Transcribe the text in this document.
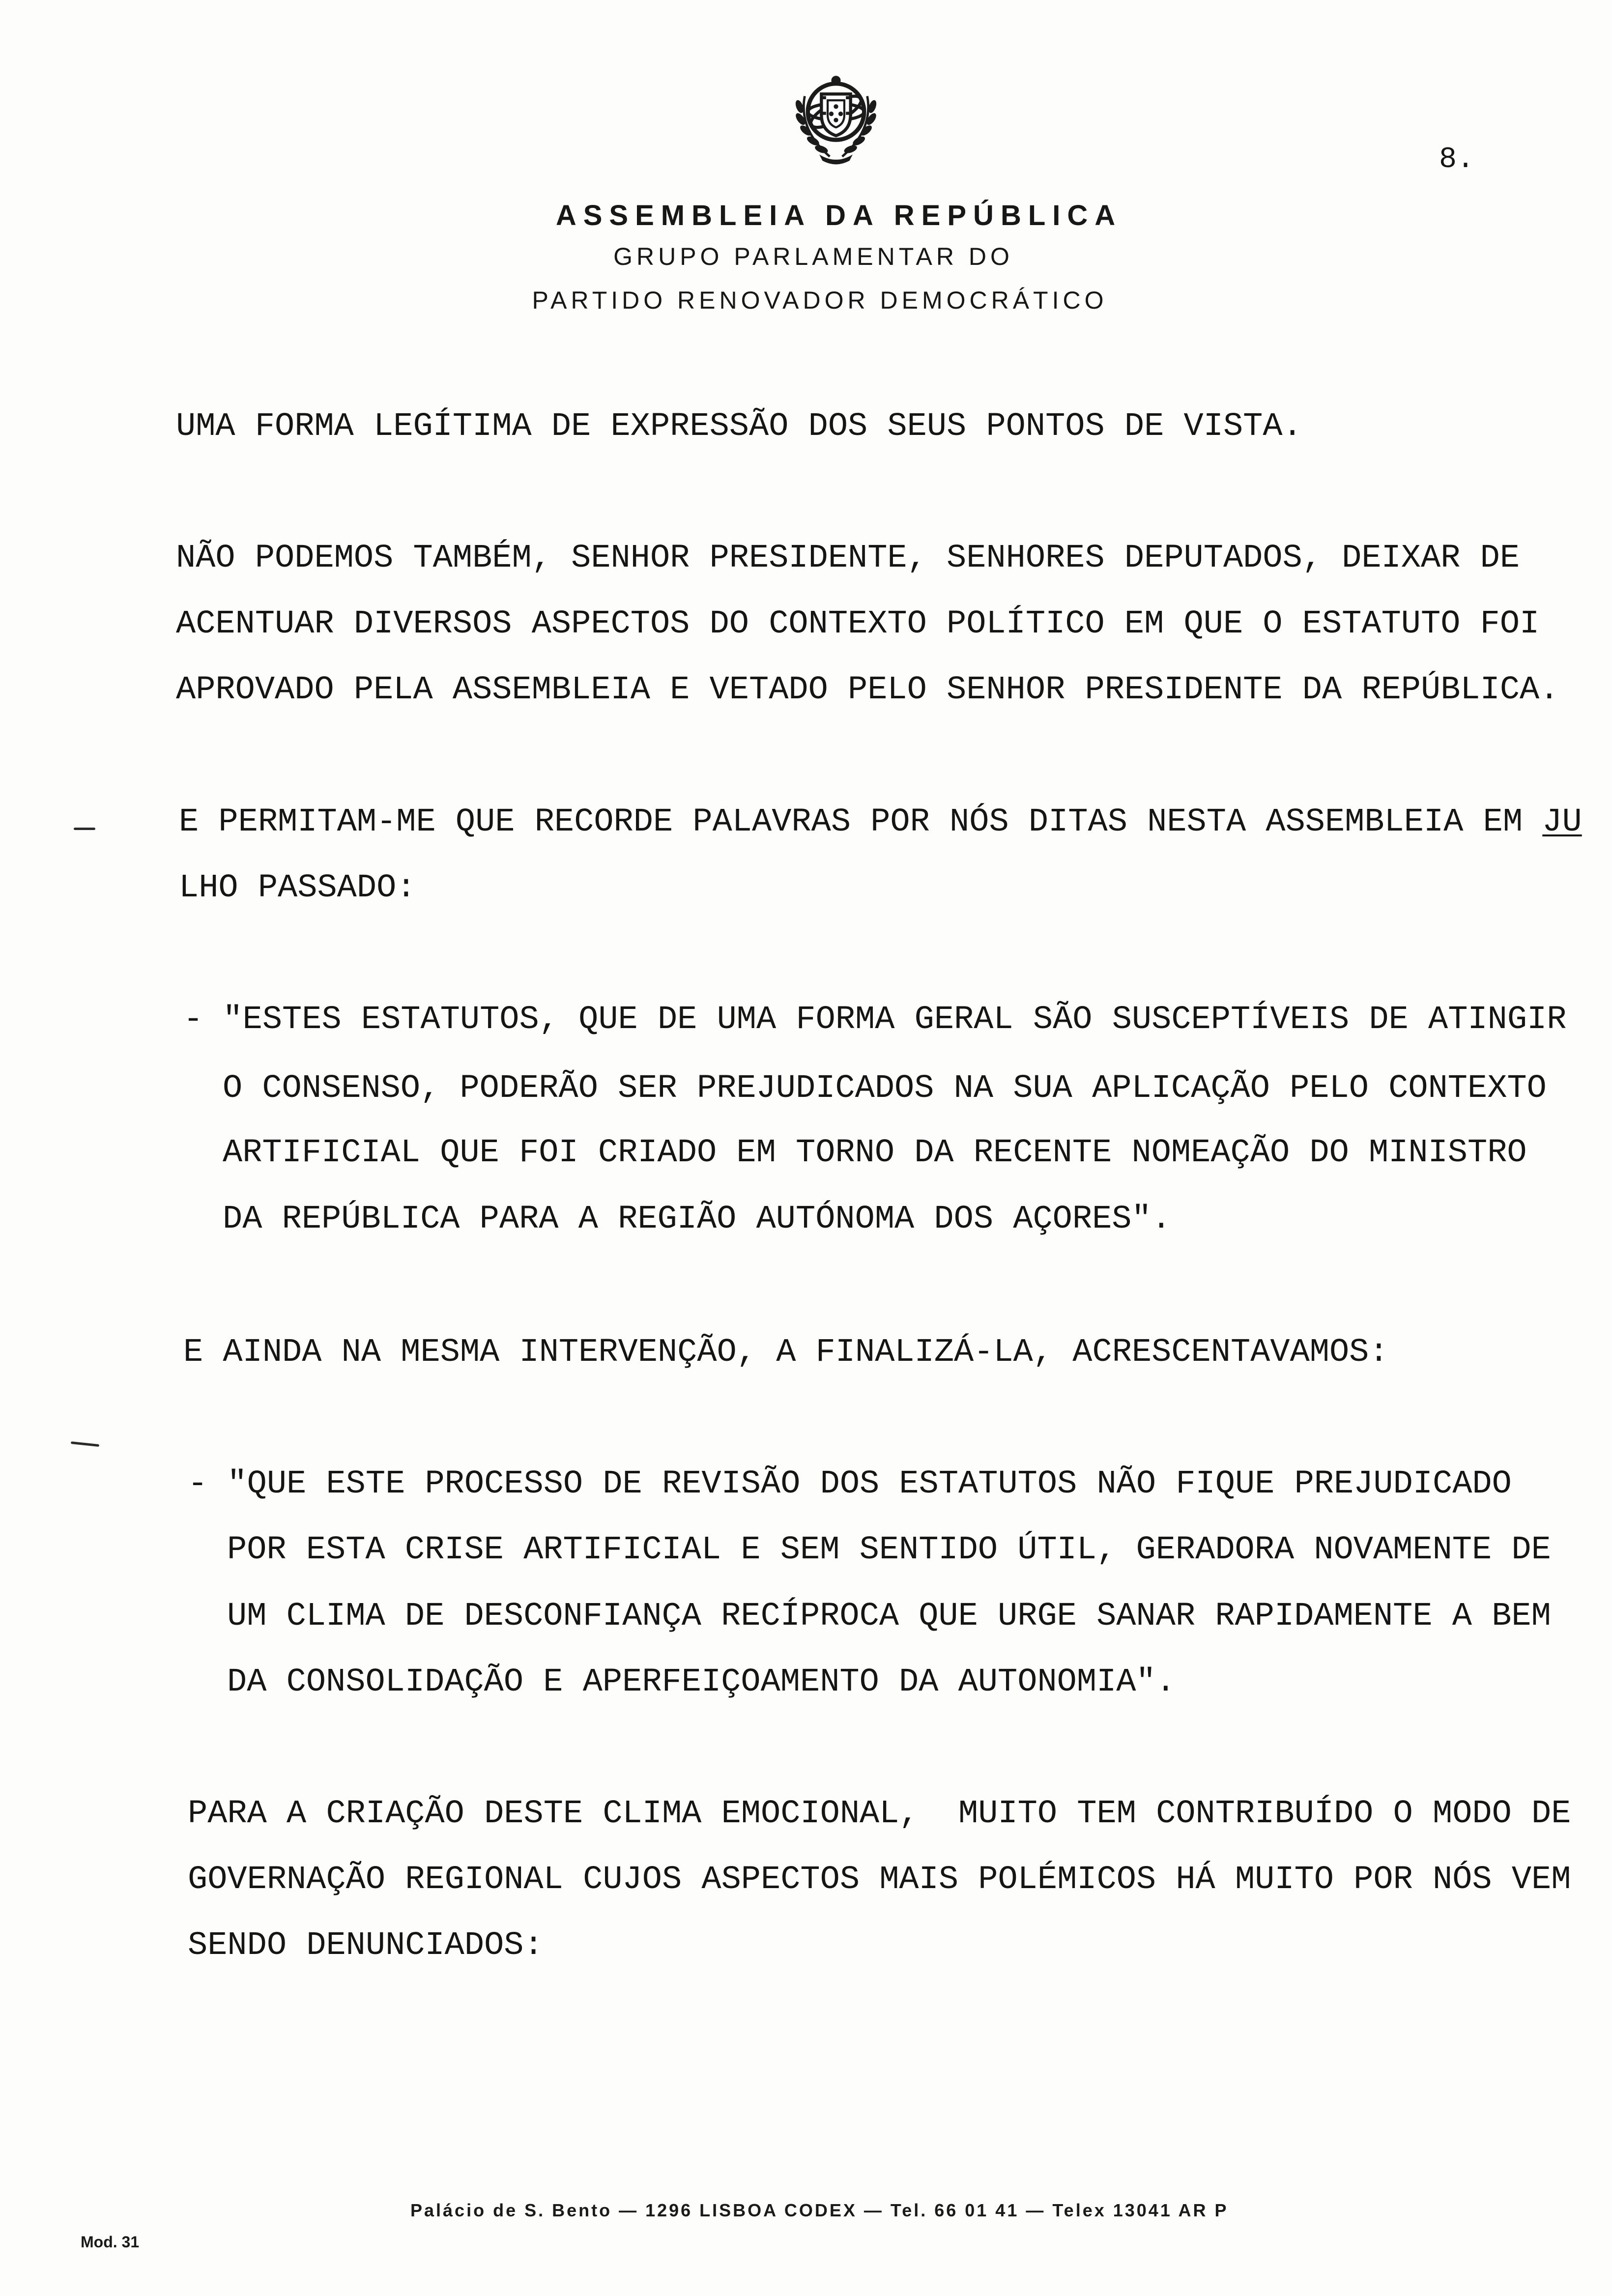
8.
ASSEMBLEIA DA REPÚBLICA
GRUPO PARLAMENTAR DO
PARTIDO RENOVADOR DEMOCRÁTICO
UMA FORMA LEGÍTIMA DE EXPRESSÃO DOS SEUS PONTOS DE VISTA.
NÃO PODEMOS TAMBÉM, SENHOR PRESIDENTE, SENHORES DEPUTADOS, DEIXAR DE
ACENTUAR DIVERSOS ASPECTOS DO CONTEXTO POLÍTICO EM QUE O ESTATUTO FOI
APROVADO PELA ASSEMBLEIA E VETADO PELO SENHOR PRESIDENTE DA REPÚBLICA.
E PERMITAM-ME QUE RECORDE PALAVRAS POR NÓS DITAS NESTA ASSEMBLEIA EM JU
LHO PASSADO:
- "ESTES ESTATUTOS, QUE DE UMA FORMA GERAL SÃO SUSCEPTÍVEIS DE ATINGIR
O CONSENSO, PODERÃO SER PREJUDICADOS NA SUA APLICAÇÃO PELO CONTEXTO
ARTIFICIAL QUE FOI CRIADO EM TORNO DA RECENTE NOMEAÇÃO DO MINISTRO
DA REPÚBLICA PARA A REGIÃO AUTÓNOMA DOS AÇORES".
E AINDA NA MESMA INTERVENÇÃO, A FINALIZÁ-LA, ACRESCENTAVAMOS:
- "QUE ESTE PROCESSO DE REVISÃO DOS ESTATUTOS NÃO FIQUE PREJUDICADO
POR ESTA CRISE ARTIFICIAL E SEM SENTIDO ÚTIL, GERADORA NOVAMENTE DE
UM CLIMA DE DESCONFIANÇA RECÍPROCA QUE URGE SANAR RAPIDAMENTE A BEM
DA CONSOLIDAÇÃO E APERFEIÇOAMENTO DA AUTONOMIA".
PARA A CRIAÇÃO DESTE CLIMA EMOCIONAL,  MUITO TEM CONTRIBUÍDO O MODO DE
GOVERNAÇÃO REGIONAL CUJOS ASPECTOS MAIS POLÉMICOS HÁ MUITO POR NÓS VEM
SENDO DENUNCIADOS:
Palácio de S. Bento — 1296 LISBOA CODEX — Tel. 66 01 41 — Telex 13041 AR P
Mod. 31
